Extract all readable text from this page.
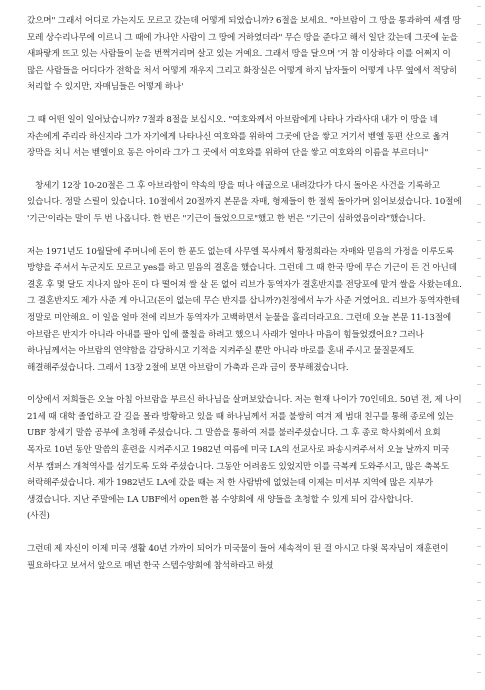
갔으며" 그래서 어디로 가는지도 모르고 갔는데 어떻게 되었습니까? 6절을 보세요. "아브람이 그 땅을 통과하여 세겜 땅 모레 상수리나무에 이르니 그 때에 가나안 사람이 그 땅에 거하였더라" 무슨 땅을 준다고 해서 일단 갔는데 그곳에 눈을 새파랗게 뜨고 있는 사람들이 눈을 번쩍거리며 살고 있는 거예요. 그래서 땅을 달으며 '거 참 이상하다 이를 어쩌지 이 많은 사람들을 어디다가 전학을 처서 어떻게 재우지 그리고 화장실은 어떻게 하지 남자들이 어떻게 나무 옆에서 적당히 처리할 수 있지만, 자매님들은 어떻게 하나'

그 때 어떤 일이 일어났습니까? 7절과 8절을 보십시오. "여호와께서 아브람에게 나타나 가라사대 내가 이 땅을 네 자손에게 주리라 하신지라 그가 자기에게 나타나신 여호와를 위하여 그곳에 단을 쌓고 거기서 벧엘 동편 산으로 옮겨 장막을 치니 서는 벧엘이요 동은 아이라 그가 그 곳에서 여호와를 위하여 단을 쌓고 여호와의 이름을 부르더니"

창세기 12장 10-20절은 그 후 아브라함이 약속의 땅을 떠나 애굽으로 내려갔다가 다시 돌아온 사건을 기록하고 있습니다. 정말 스릴이 있습니다. 10절에서 20절까지 본문을 자매, 형제들이 한 절씩 돌아가며 읽어보셨습니다. 10절에 '기근'이라는 말이 두 번 나옵니다. 한 번은 "기근이 들었으므로"했고 한 번은 "기근이 심하였음이라"했습니다.

저는 1971년도 10월달에 주머니에 돈이 한 푼도 없는데 사무엘 목사께서 황정희라는 자매와 믿음의 가정을 이루도록 방향을 주셔서 누군지도 모르고 yes를 하고 믿음의 결혼을 했습니다. 그런데 그 때 한국 땅에 무슨 기근이 든 건 아닌데 결혼 후 몇 달도 지나지 않아 돈이 다 떨어져 쌀 살 돈 없어 리브가 동역자가 결혼반지를 전당포에 맡겨 쌀을 사왔는데요. 그 결혼반지도 제가 사준 게 아니고(돈이 없는데 무슨 반지를 삽니까?)친정에서 누가 사준 거였어요. 리브가 동역자한테 정말로 미안해요. 이 일을 얼마 전에 리브가 동역자가 고백하면서 눈물을 흘리더라고요. 그런데 오늘 본문 11-13절에 아브람은 반지가 아니라 아내를 팔아 입에 풀칠을 하려고 했으니 사래가 얼마나 마음이 힘들었겠어요? 그러나 하나님께서는 아브람의 연약함을 감당하시고 기적을 지켜주실 뿐만 아니라 바로를 혼내 주시고 물질문제도 해결해주셨습니다. 그래서 13장 2절에 보면 아브람이 가축과 은과 금이 풍부해졌습니다.

이상에서 저희들은 오늘 아침 아브람을 부르신 하나님을 살펴보았습니다. 저는 현재 나이가 70인데요. 50년 전, 제 나이 21세 때 대학 졸업하고 갈 길을 몰라 방황하고 있을 때 하나님께서 저를 불쌍히 여겨 제 범대 친구를 통해 종로에 있는 UBF 창세기 말씀 공부에 초청해 주셨습니다. 그 말씀을 통하여 저를 불러주셨습니다. 그 후 종로 학사회에서 요회 목자로 10년 동안 말씀의 훈련을 시켜주시고 1982년 여름에 미국 LA의 선교사로 파송시켜주셔서 오늘 날까지 미국 서부 캠퍼스 개척역사를 섬기도록 도와 주셨습니다. 그동안 어려움도 있었지만 이를 극복케 도와주시고, 많은 축복도 허락해주셨습니다. 제가 1982년도 LA에 갔을 때는 저 한 사람밖에 없었는데 이제는 미서부 지역에 많은 지부가 생겼습니다. 지난 주말에는 LA UBF에서 open한 봄 수양회에 새 양들을 초청할 수 있게 되어 감사합니다.

(사진)

그런데 제 자신이 이제 미국 생활 40년 가까이 되어가 미국물이 들어 세속적이 된 걸 아시고 다윗 목자님이 재훈련이 필요하다고 보셔서 앞으로 매년 한국 스텝수양회에 참석하라고 하셨
